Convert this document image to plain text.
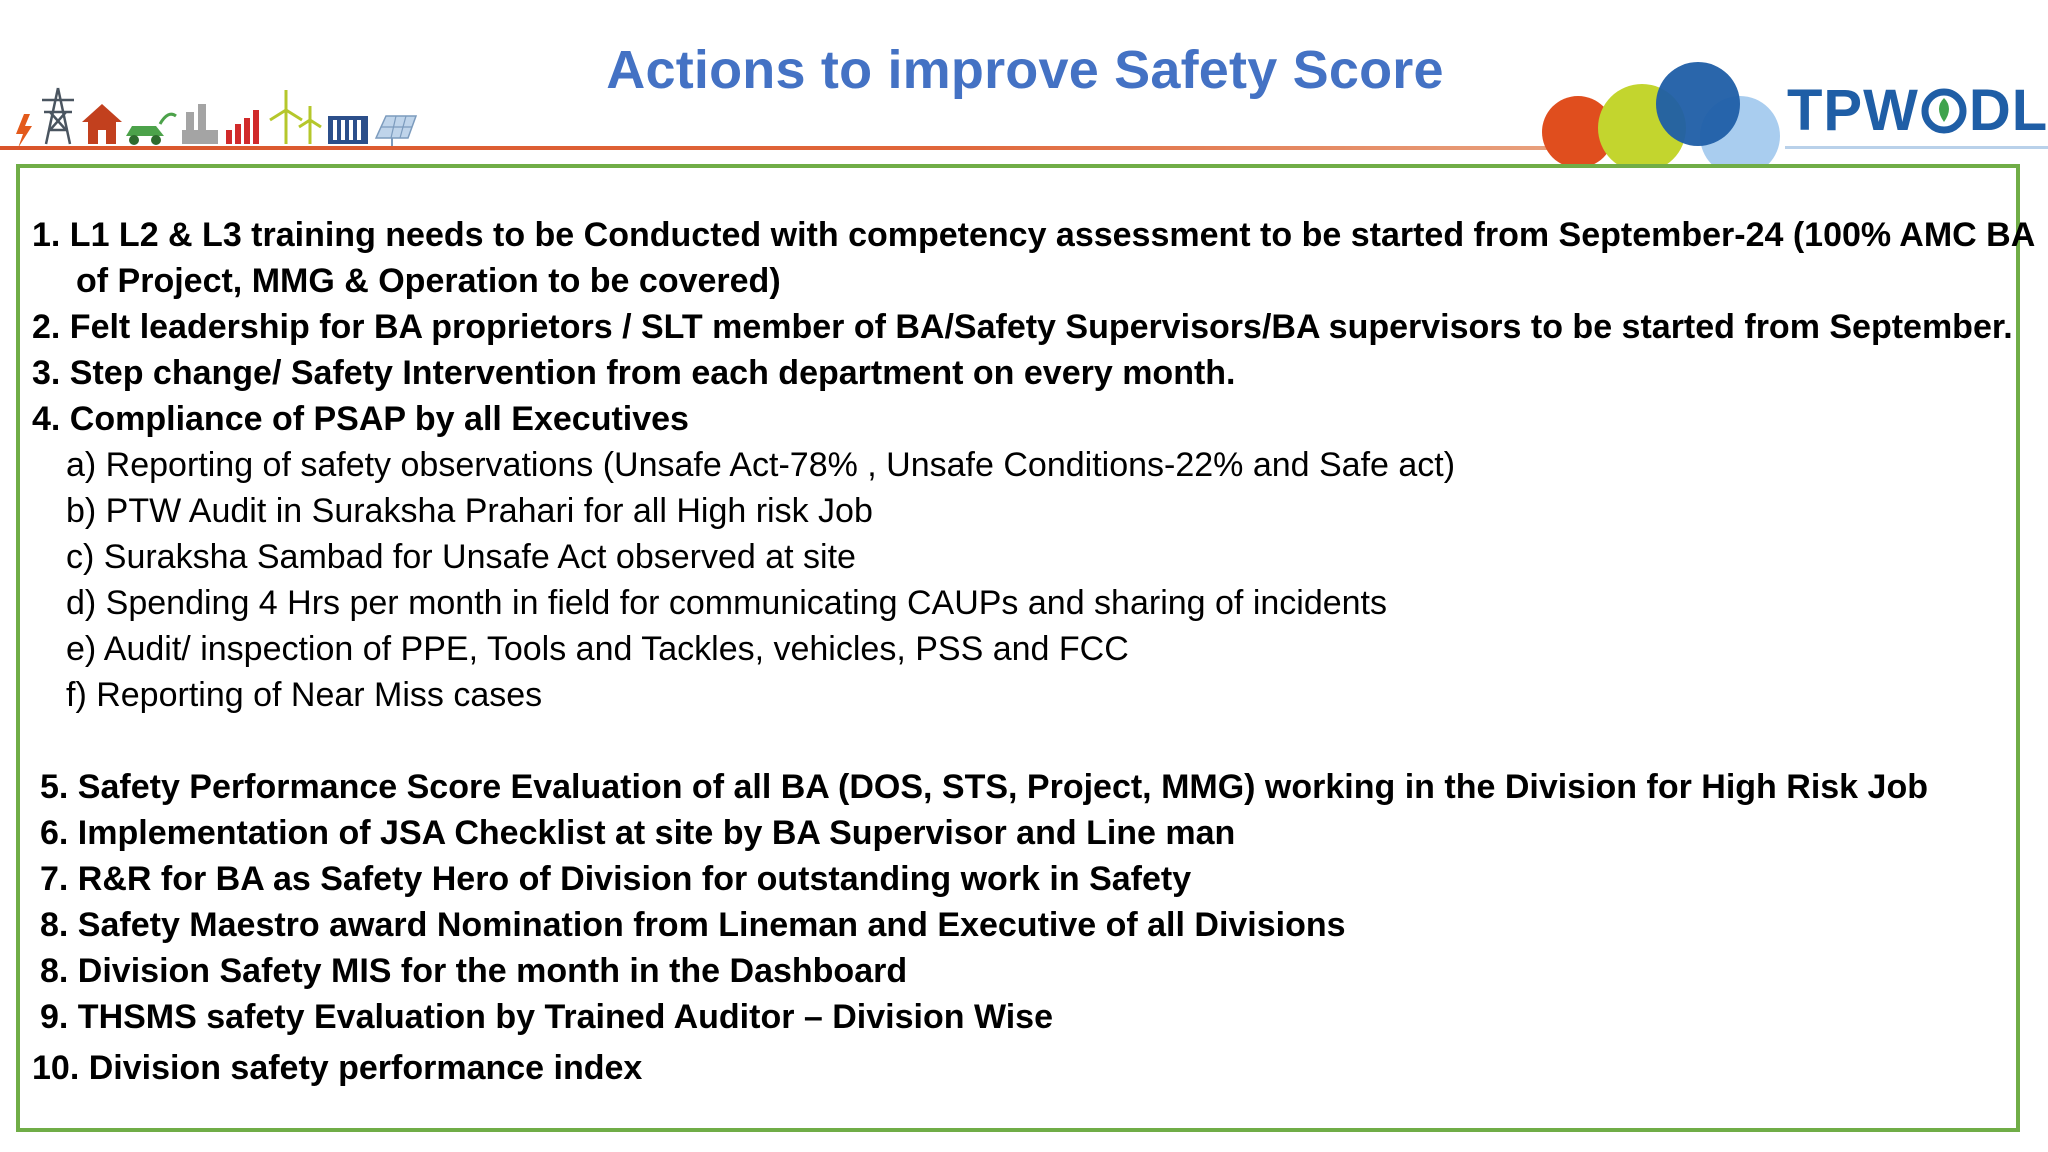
Actions to improve Safety Score
TPW DL
1. L1 L2 & L3 training needs to be Conducted with competency assessment to be started from September-24 (100% AMC BA
of Project, MMG & Operation to be covered)
2. Felt leadership for BA proprietors / SLT member of BA/Safety Supervisors/BA supervisors to be started from September.
3. Step change/ Safety Intervention from each department on every month.
4. Compliance of PSAP by all Executives
a) Reporting of safety observations (Unsafe Act-78% , Unsafe Conditions-22% and Safe act)
b) PTW Audit in Suraksha Prahari for all High risk Job
c) Suraksha Sambad for Unsafe Act observed at site
d) Spending 4 Hrs per month in field for communicating CAUPs and sharing of incidents
e) Audit/ inspection of PPE, Tools and Tackles, vehicles, PSS and FCC
f) Reporting of Near Miss cases
5. Safety Performance Score Evaluation of all BA (DOS, STS, Project, MMG) working in the Division for High Risk Job
6. Implementation of JSA Checklist at site by BA Supervisor and Line man
7. R&R for BA as Safety Hero of Division for outstanding work in Safety
8. Safety Maestro award Nomination from Lineman and Executive of all Divisions
8. Division Safety MIS for the month in the Dashboard
9. THSMS safety Evaluation by Trained Auditor – Division Wise
10. Division safety performance index
